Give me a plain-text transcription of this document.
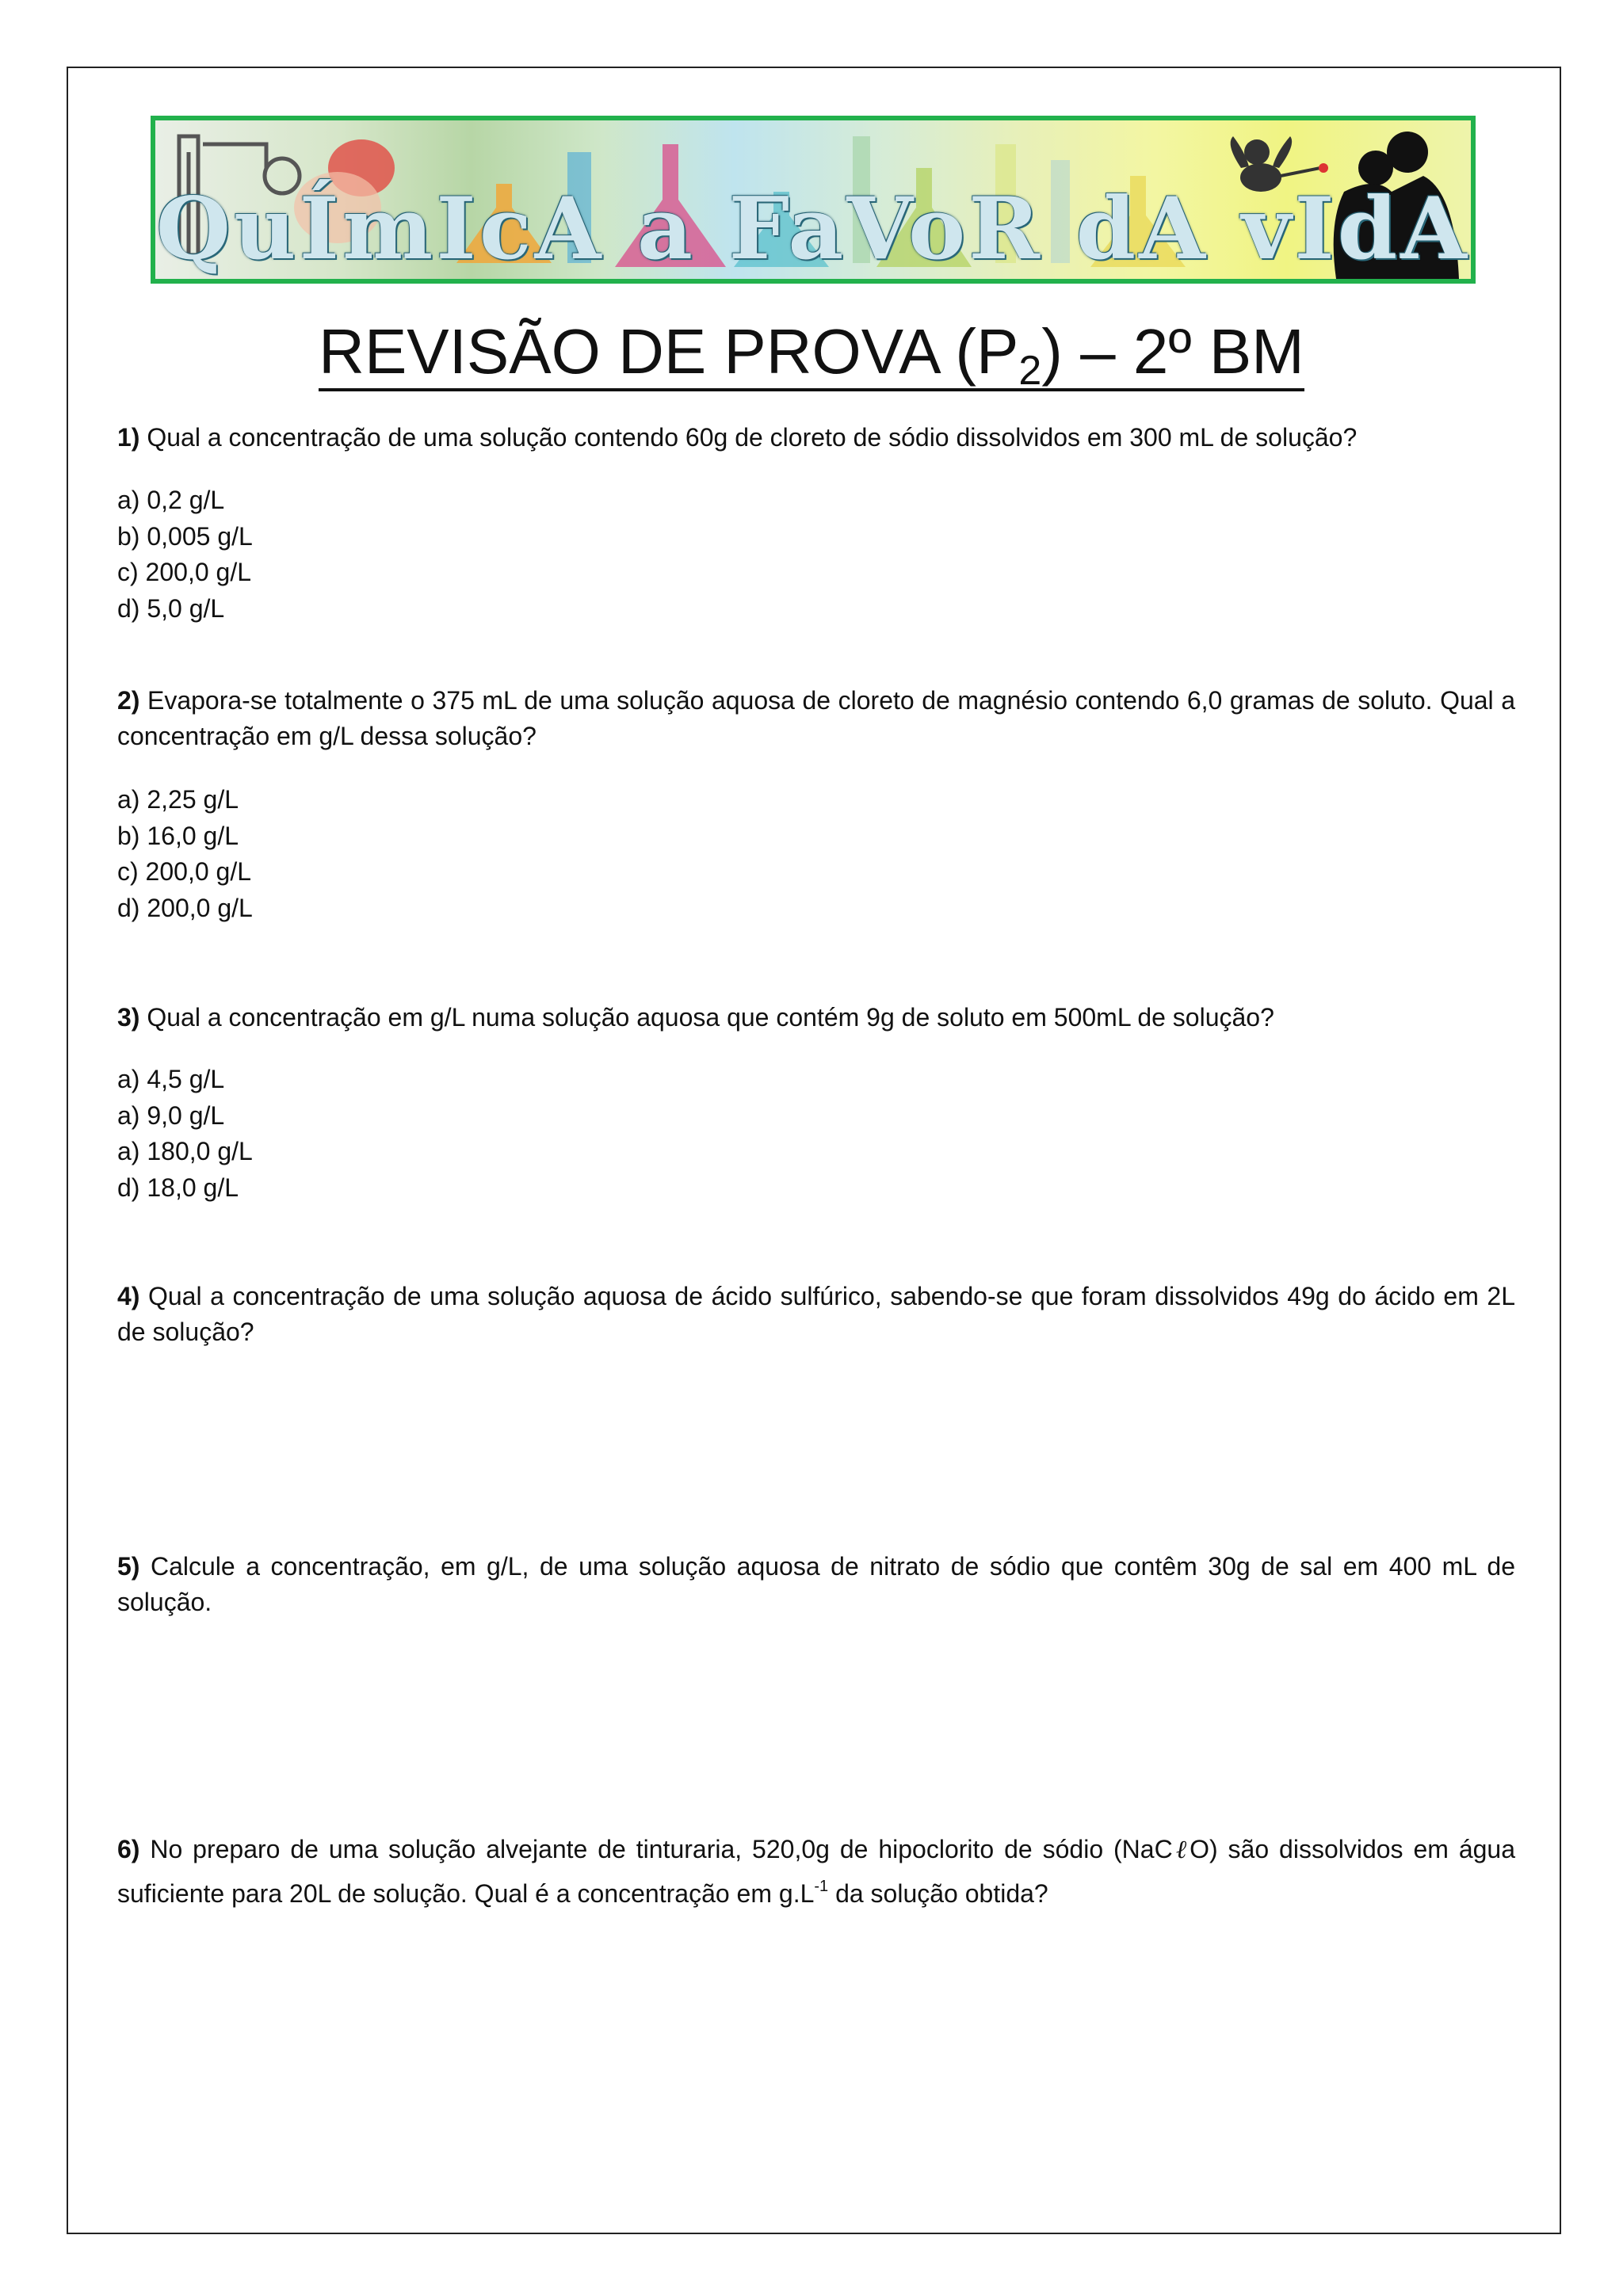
QuÍmIcA a FaVoR dA vIdA
REVISÃO DE PROVA $(P_2)$ – 2º BM
1) Qual a concentração de uma solução contendo 60g de cloreto de sódio dissolvidos em 300 mL de solução?
a) 0,2 g/L
b) 0,005 g/L
c) 200,0 g/L
d) 5,0 g/L
2) Evapora-se totalmente o 375 mL de uma solução aquosa de cloreto de magnésio contendo 6,0 gramas de soluto. Qual a concentração em g/L dessa solução?
a) 2,25 g/L
b) 16,0 g/L
c) 200,0 g/L
d) 200,0 g/L
3) Qual a concentração em g/L numa solução aquosa que contém 9g de soluto em 500mL de solução?
a) 4,5 g/L
a) 9,0 g/L
a) 180,0 g/L
d) 18,0 g/L
4) Qual a concentração de uma solução aquosa de ácido sulfúrico, sabendo-se que foram dissolvidos 49g do ácido em 2L de solução?
5) Calcule a concentração, em g/L, de uma solução aquosa de nitrato de sódio que contêm 30g de sal em 400 mL de solução.
6) No preparo de uma solução alvejante de tinturaria, 520,0g de hipoclorito de sódio (NaCℓO) são dissolvidos em água suficiente para 20L de solução. Qual é a concentração em $g.L^{-1}$ da solução obtida?
